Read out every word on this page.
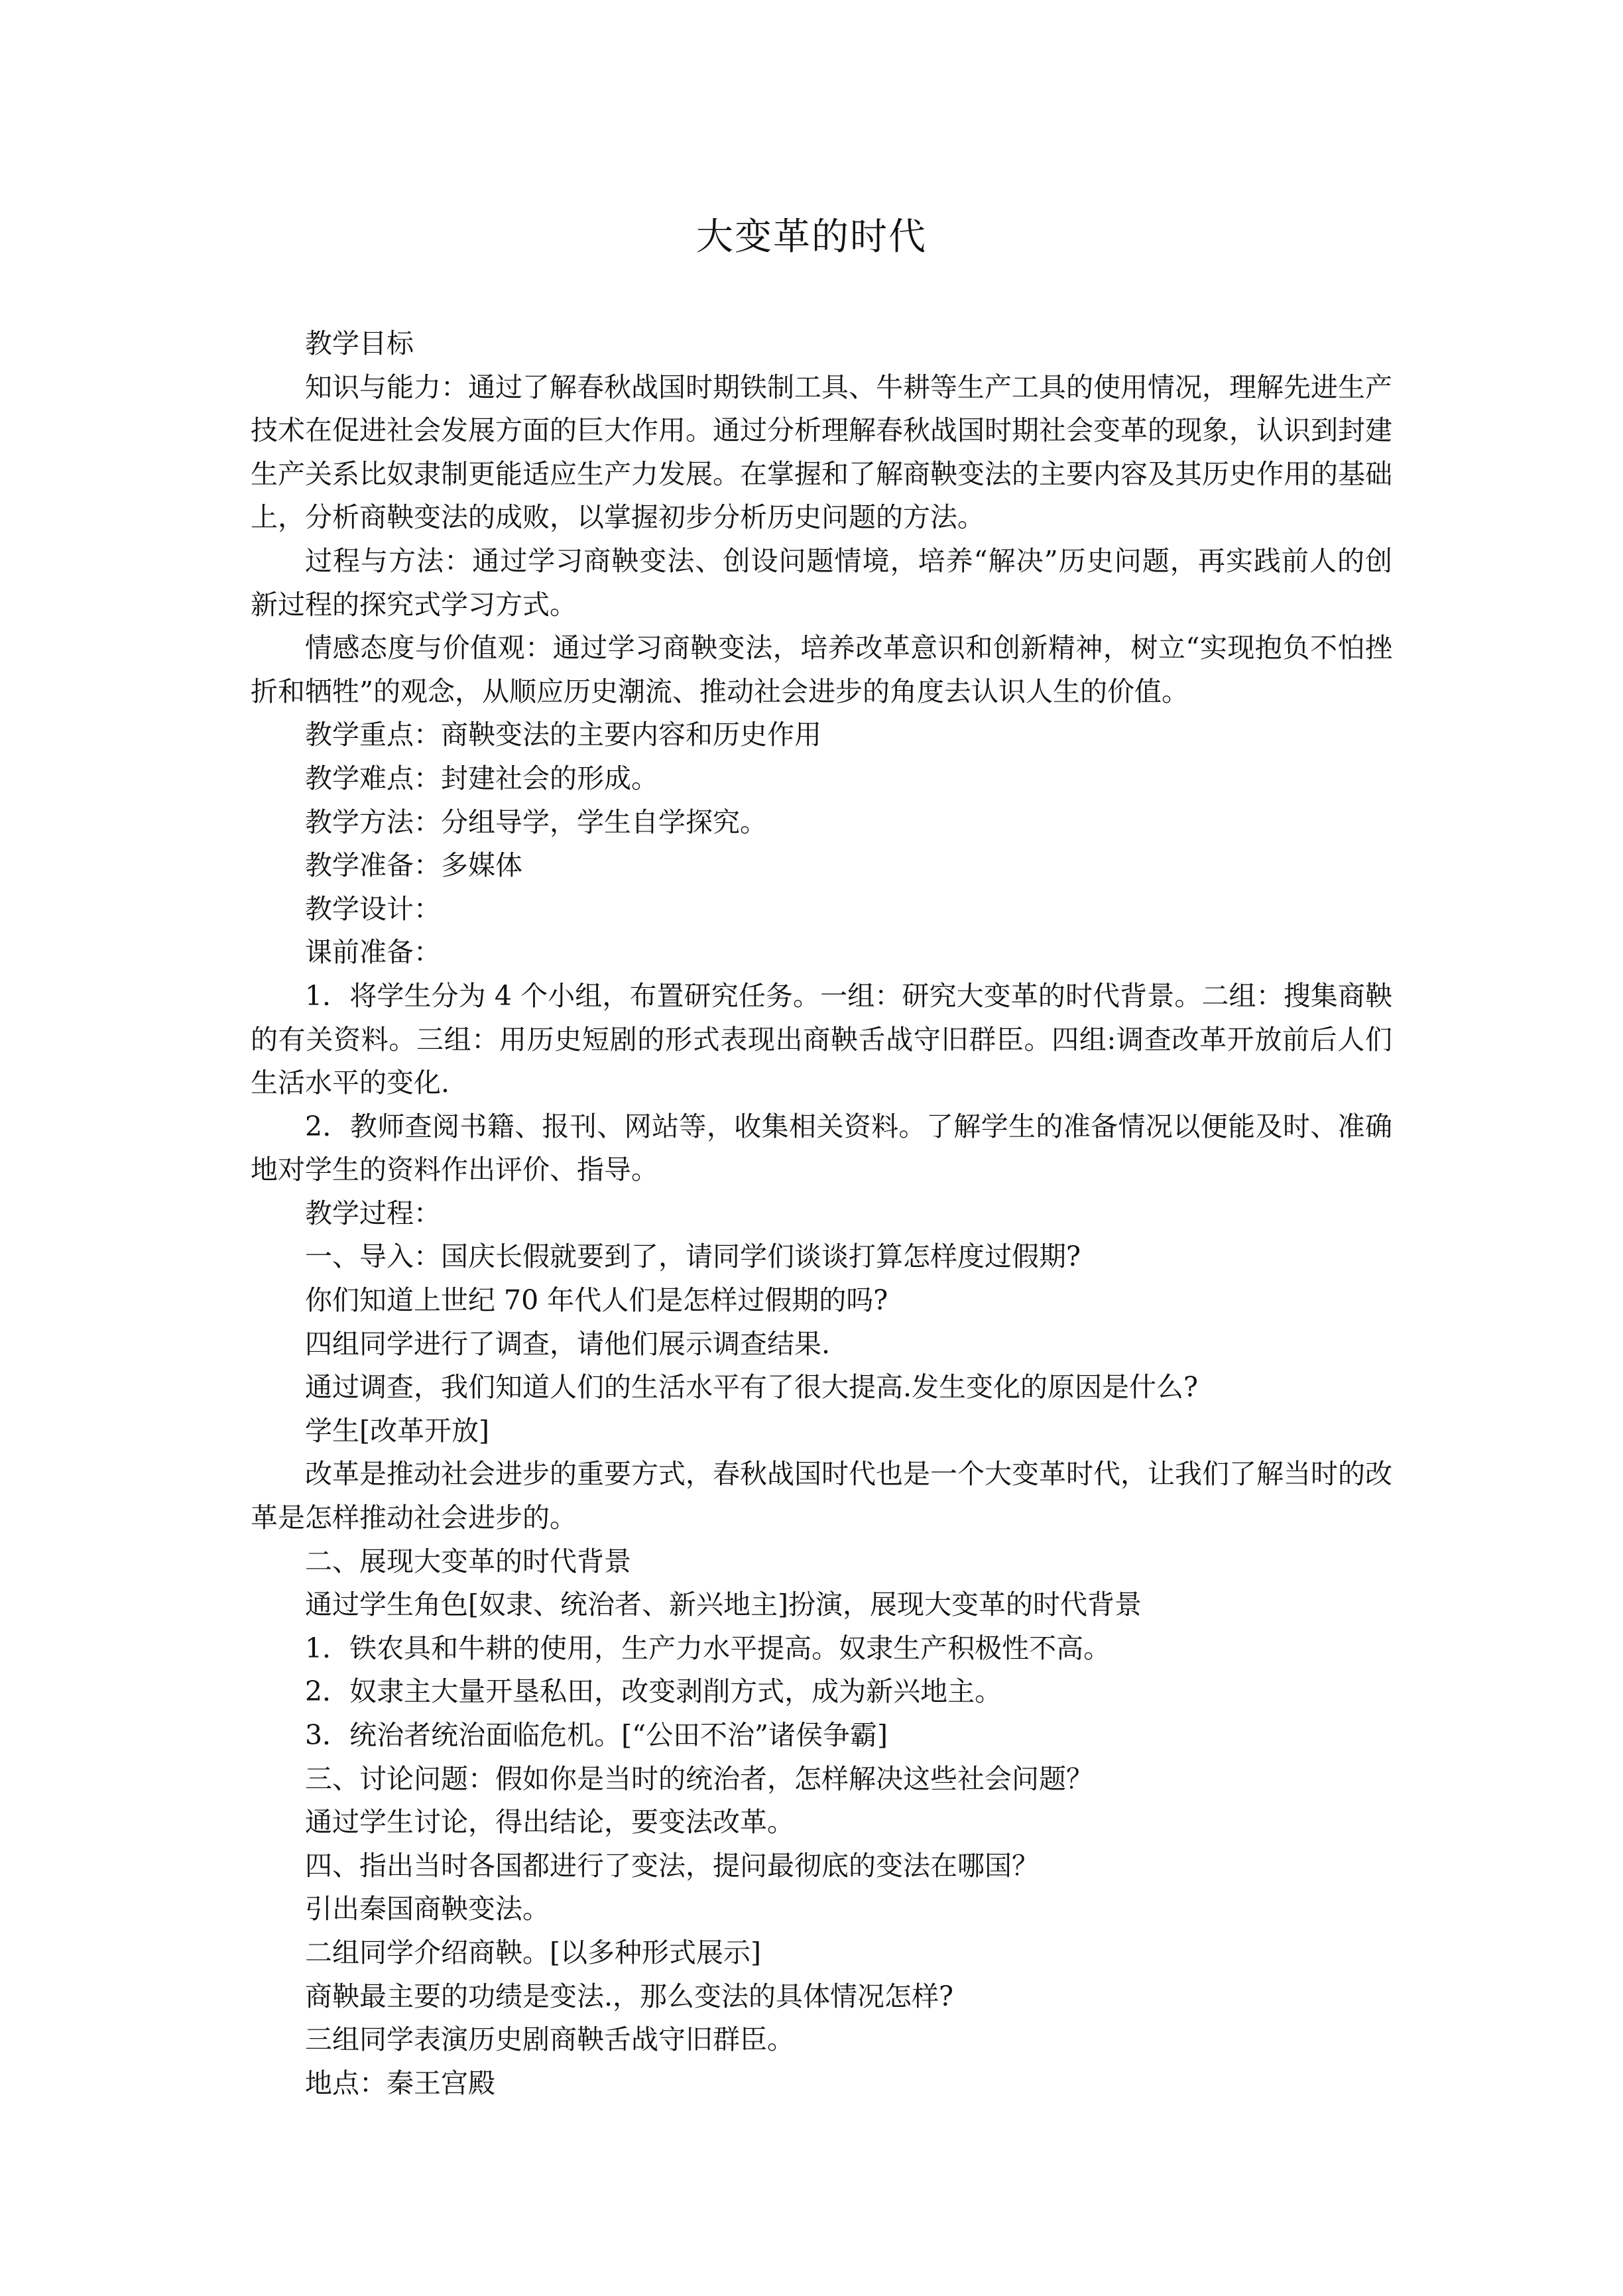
大变革的时代

教学目标

知识与能力：通过了解春秋战国时期铁制工具、牛耕等生产工具的使用情况，理解先进生产技术在促进社会发展方面的巨大作用。通过分析理解春秋战国时期社会变革的现象，认识到封建生产关系比奴隶制更能适应生产力发展。在掌握和了解商鞅变法的主要内容及其历史作用的基础上，分析商鞅变法的成败，以掌握初步分析历史问题的方法。

过程与方法：通过学习商鞅变法、创设问题情境，培养“解决”历史问题，再实践前人的创新过程的探究式学习方式。

情感态度与价值观：通过学习商鞅变法，培养改革意识和创新精神，树立“实现抱负不怕挫折和牺牲”的观念，从顺应历史潮流、推动社会进步的角度去认识人生的价值。

教学重点：商鞅变法的主要内容和历史作用

教学难点：封建社会的形成。

教学方法：分组导学，学生自学探究。

教学准备：多媒体

教学设计：

课前准备：

1．将学生分为 4 个小组，布置研究任务。一组：研究大变革的时代背景。二组：搜集商鞅的有关资料。三组：用历史短剧的形式表现出商鞅舌战守旧群臣。四组:调查改革开放前后人们生活水平的变化.

2．教师查阅书籍、报刊、网站等，收集相关资料。了解学生的准备情况以便能及时、准确地对学生的资料作出评价、指导。

教学过程：

一、导入：国庆长假就要到了，请同学们谈谈打算怎样度过假期?

你们知道上世纪 70 年代人们是怎样过假期的吗?

四组同学进行了调查，请他们展示调查结果.

通过调查，我们知道人们的生活水平有了很大提高.发生变化的原因是什么?

学生[改革开放]

改革是推动社会进步的重要方式，春秋战国时代也是一个大变革时代，让我们了解当时的改革是怎样推动社会进步的。

二、展现大变革的时代背景

通过学生角色[奴隶、统治者、新兴地主]扮演，展现大变革的时代背景

1．铁农具和牛耕的使用，生产力水平提高。奴隶生产积极性不高。

2．奴隶主大量开垦私田，改变剥削方式，成为新兴地主。

3．统治者统治面临危机。[“公田不治”诸侯争霸]

三、讨论问题：假如你是当时的统治者，怎样解决这些社会问题？

通过学生讨论，得出结论，要变法改革。

四、指出当时各国都进行了变法，提问最彻底的变法在哪国？

引出秦国商鞅变法。

二组同学介绍商鞅。[以多种形式展示]

商鞅最主要的功绩是变法.，那么变法的具体情况怎样?

三组同学表演历史剧商鞅舌战守旧群臣。

地点：秦王宫殿
